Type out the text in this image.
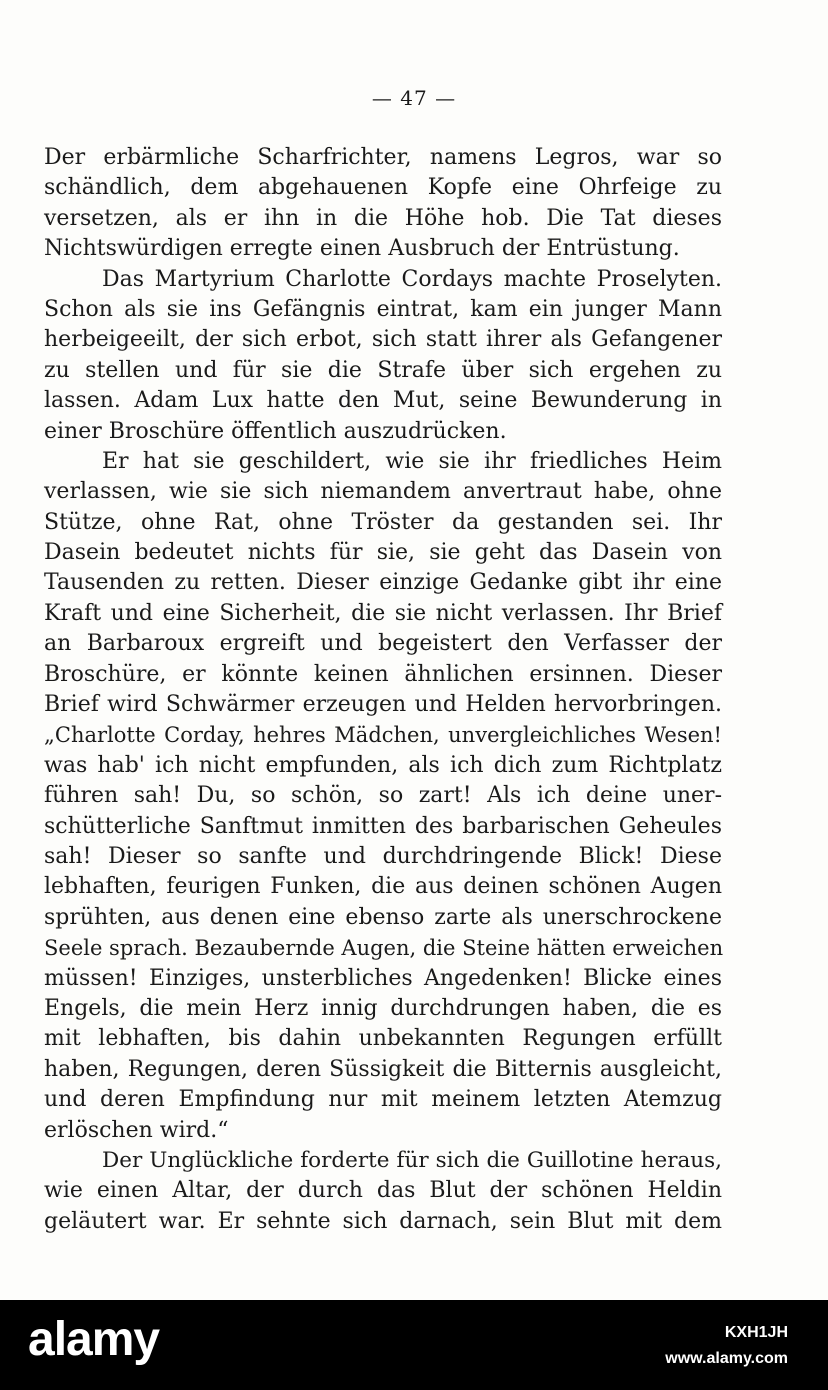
— 47 —
Der erbärmliche Scharfrichter, namens Legros, war so
schändlich, dem abgehauenen Kopfe eine Ohrfeige zu
versetzen, als er ihn in die Höhe hob. Die Tat dieses
Nichtswürdigen erregte einen Ausbruch der Entrüstung.
Das Martyrium Charlotte Cordays machte Proselyten.
Schon als sie ins Gefängnis eintrat, kam ein junger Mann
herbeigeeilt, der sich erbot, sich statt ihrer als Gefangener
zu stellen und für sie die Strafe über sich ergehen zu
lassen. Adam Lux hatte den Mut, seine Bewunderung in
einer Broschüre öffentlich auszudrücken.
Er hat sie geschildert, wie sie ihr friedliches Heim
verlassen, wie sie sich niemandem anvertraut habe, ohne
Stütze, ohne Rat, ohne Tröster da gestanden sei. Ihr
Dasein bedeutet nichts für sie, sie geht das Dasein von
Tausenden zu retten. Dieser einzige Gedanke gibt ihr eine
Kraft und eine Sicherheit, die sie nicht verlassen. Ihr Brief
an Barbaroux ergreift und begeistert den Verfasser der
Broschüre, er könnte keinen ähnlichen ersinnen. Dieser
Brief wird Schwärmer erzeugen und Helden hervorbringen.
„Charlotte Corday, hehres Mädchen, unvergleichliches Wesen!
was hab' ich nicht empfunden, als ich dich zum Richtplatz
führen sah! Du, so schön, so zart! Als ich deine uner-
schütterliche Sanftmut inmitten des barbarischen Geheules
sah! Dieser so sanfte und durchdringende Blick! Diese
lebhaften, feurigen Funken, die aus deinen schönen Augen
sprühten, aus denen eine ebenso zarte als unerschrockene
Seele sprach. Bezaubernde Augen, die Steine hätten erweichen
müssen! Einziges, unsterbliches Angedenken! Blicke eines
Engels, die mein Herz innig durchdrungen haben, die es
mit lebhaften, bis dahin unbekannten Regungen erfüllt
haben, Regungen, deren Süssigkeit die Bitternis ausgleicht,
und deren Empfindung nur mit meinem letzten Atemzug
erlöschen wird.“
Der Unglückliche forderte für sich die Guillotine heraus,
wie einen Altar, der durch das Blut der schönen Heldin
geläutert war. Er sehnte sich darnach, sein Blut mit dem
alamy	KXH1JH
www.alamy.com
